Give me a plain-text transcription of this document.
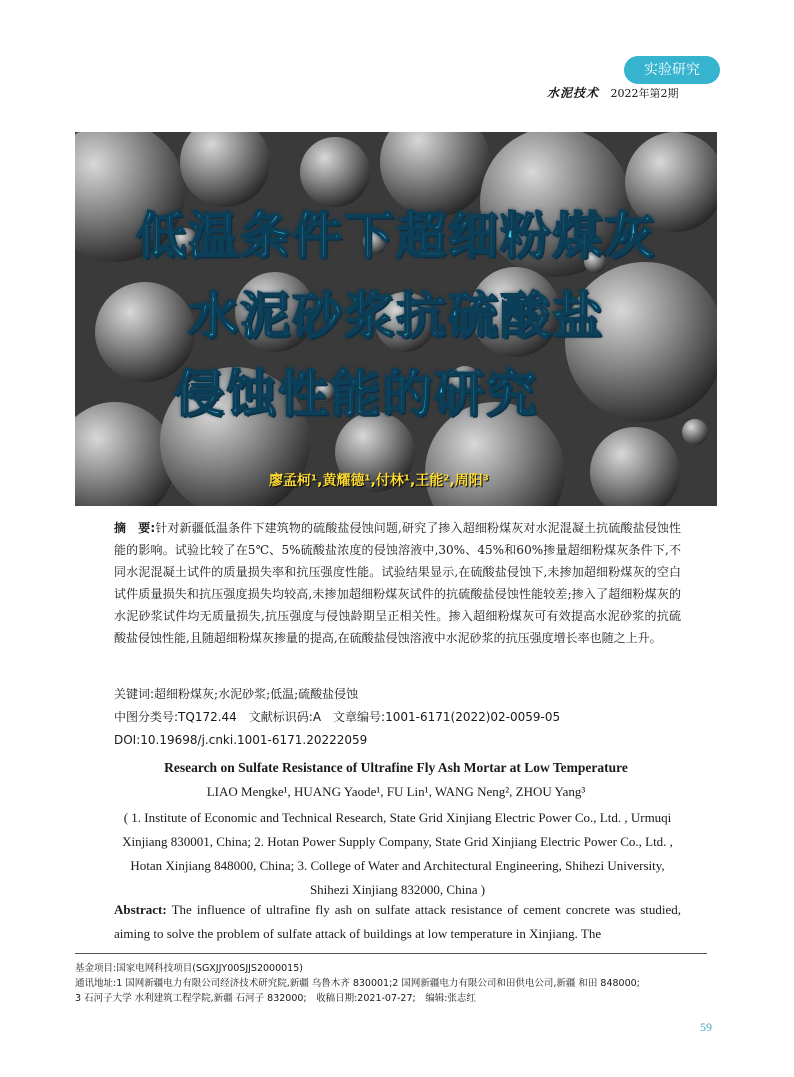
实验研究
水泥技术 2022年第2期
低温条件下超细粉煤灰
水泥砂浆抗硫酸盐
侵蚀性能的研究
廖孟柯¹,黄耀德¹,付林¹,王能²,周阳³
摘　要:针对新疆低温条件下建筑物的硫酸盐侵蚀问题,研究了掺入超细粉煤灰对水泥混凝土抗硫酸盐侵蚀性能的影响。试验比较了在5℃、5%硫酸盐浓度的侵蚀溶液中,30%、45%和60%掺量超细粉煤灰条件下,不同水泥混凝土试件的质量损失率和抗压强度性能。试验结果显示,在硫酸盐侵蚀下,未掺加超细粉煤灰的空白试件质量损失和抗压强度损失均较高,未掺加超细粉煤灰试件的抗硫酸盐侵蚀性能较差;掺入了超细粉煤灰的水泥砂浆试件均无质量损失,抗压强度与侵蚀龄期呈正相关性。掺入超细粉煤灰可有效提高水泥砂浆的抗硫酸盐侵蚀性能,且随超细粉煤灰掺量的提高,在硫酸盐侵蚀溶液中水泥砂浆的抗压强度增长率也随之上升。
关键词:超细粉煤灰;水泥砂浆;低温;硫酸盐侵蚀
中图分类号:TQ172.44　文献标识码:A　文章编号:1001-6171(2022)02-0059-05
DOI:10.19698/j.cnki.1001-6171.20222059
Research on Sulfate Resistance of Ultrafine Fly Ash Mortar at Low Temperature
LIAO Mengke¹, HUANG Yaode¹, FU Lin¹, WANG Neng², ZHOU Yang³
( 1. Institute of Economic and Technical Research, State Grid Xinjiang Electric Power Co., Ltd. , Urmuqi Xinjiang 830001, China; 2. Hotan Power Supply Company, State Grid Xinjiang Electric Power Co., Ltd. , Hotan Xinjiang 848000, China; 3. College of Water and Architectural Engineering, Shihezi University, Shihezi Xinjiang 832000, China )
Abstract: The influence of ultrafine fly ash on sulfate attack resistance of cement concrete was studied, aiming to solve the problem of sulfate attack of buildings at low temperature in Xinjiang. The
基金项目:国家电网科技项目(SGXJJY00SJJS2000015)
通讯地址:1 国网新疆电力有限公司经济技术研究院,新疆 乌鲁木齐 830001;2 国网新疆电力有限公司和田供电公司,新疆 和田 848000;
3 石河子大学 水利建筑工程学院,新疆 石河子 832000;　收稿日期:2021-07-27;　编辑:张志红
59
